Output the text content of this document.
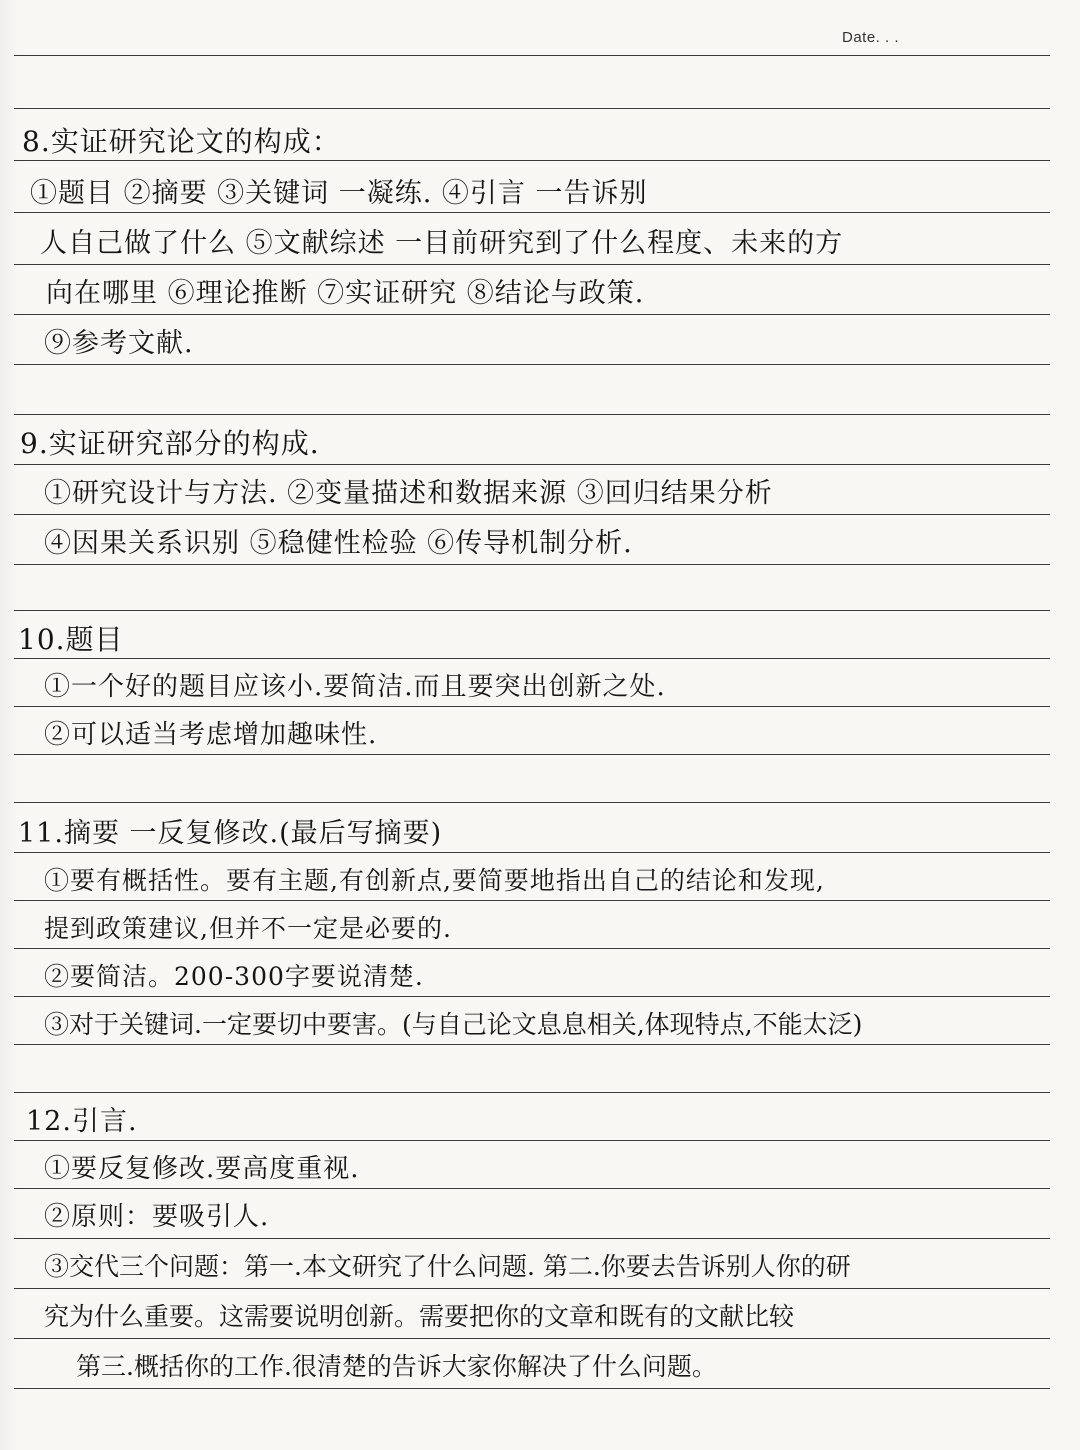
Date. . .
8.实证研究论文的构成：
①题目 ②摘要 ③关键词 一凝练. ④引言 一告诉别
人自己做了什么 ⑤文献综述 一目前研究到了什么程度、未来的方
向在哪里 ⑥理论推断 ⑦实证研究 ⑧结论与政策.
⑨参考文献.
9.实证研究部分的构成.
①研究设计与方法. ②变量描述和数据来源 ③回归结果分析
④因果关系识别 ⑤稳健性检验 ⑥传导机制分析.
10.题目
①一个好的题目应该小.要简洁.而且要突出创新之处.
②可以适当考虑增加趣味性.
11.摘要 一反复修改.(最后写摘要)
①要有概括性。要有主题,有创新点,要简要地指出自己的结论和发现,
提到政策建议,但并不一定是必要的.
②要简洁。200-300字要说清楚.
③对于关键词.一定要切中要害。(与自己论文息息相关,体现特点,不能太泛)
12.引言.
①要反复修改.要高度重视.
②原则：要吸引人.
③交代三个问题：第一.本文研究了什么问题. 第二.你要去告诉别人你的研
究为什么重要。这需要说明创新。需要把你的文章和既有的文献比较
第三.概括你的工作.很清楚的告诉大家你解决了什么问题。
